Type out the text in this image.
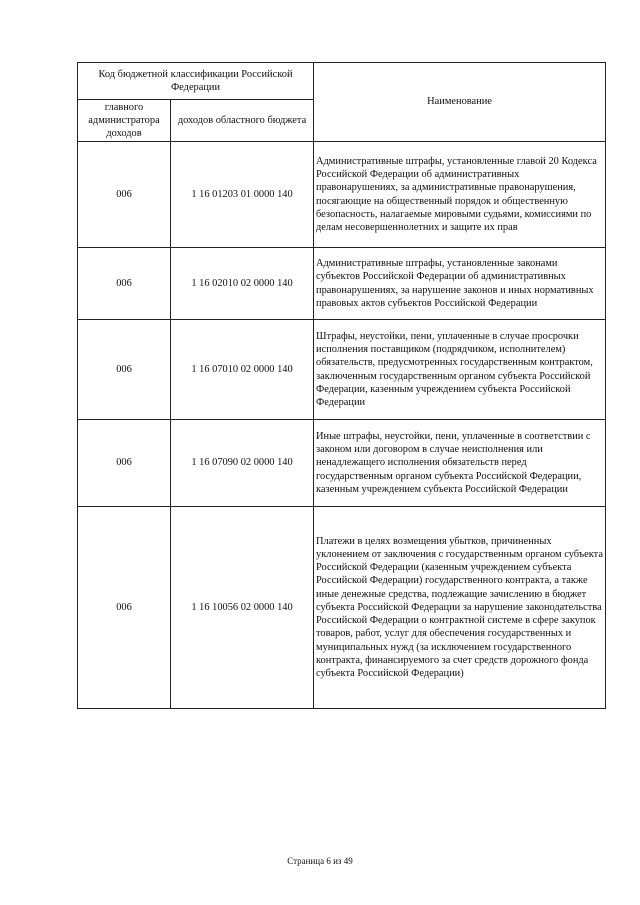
Код бюджетной классификации Российской Федерации		Наименование
главного администратора доходов	доходов областного бюджета	
006	1 16 01203 01 0000 140	Административные штрафы, установленные главой 20 Кодекса Российской Федерации об административных правонарушениях, за административные правонарушения, посягающие на общественный порядок и общественную безопасность, налагаемые мировыми судьями, комиссиями по делам несовершеннолетних и защите их прав
006	1 16 02010 02 0000 140	Административные штрафы, установленные законами субъектов Российской Федерации об административных правонарушениях, за нарушение законов и иных нормативных правовых актов субъектов Российской Федерации
006	1 16 07010 02 0000 140	Штрафы, неустойки, пени, уплаченные в случае просрочки исполнения поставщиком (подрядчиком, исполнителем) обязательств, предусмотренных государственным контрактом, заключенным государственным органом субъекта Российской Федерации, казенным учреждением субъекта Российской Федерации
006	1 16 07090 02 0000 140	Иные штрафы, неустойки, пени, уплаченные в соответствии с законом или договором в случае неисполнения или ненадлежащего исполнения обязательств перед государственным органом субъекта Российской Федерации, казенным учреждением субъекта Российской Федерации
006	1 16 10056 02 0000 140	Платежи в целях возмещения убытков, причиненных уклонением от заключения с государственным органом субъекта Российской Федерации (казенным учреждением субъекта Российской Федерации) государственного контракта, а также иные денежные средства, подлежащие зачислению в бюджет субъекта Российской Федерации за нарушение законодательства Российской Федерации о контрактной системе в сфере закупок товаров, работ, услуг для обеспечения государственных и муниципальных нужд (за исключением государственного контракта, финансируемого за счет средств дорожного фонда субъекта Российской Федерации)
Страница 6 из 49
